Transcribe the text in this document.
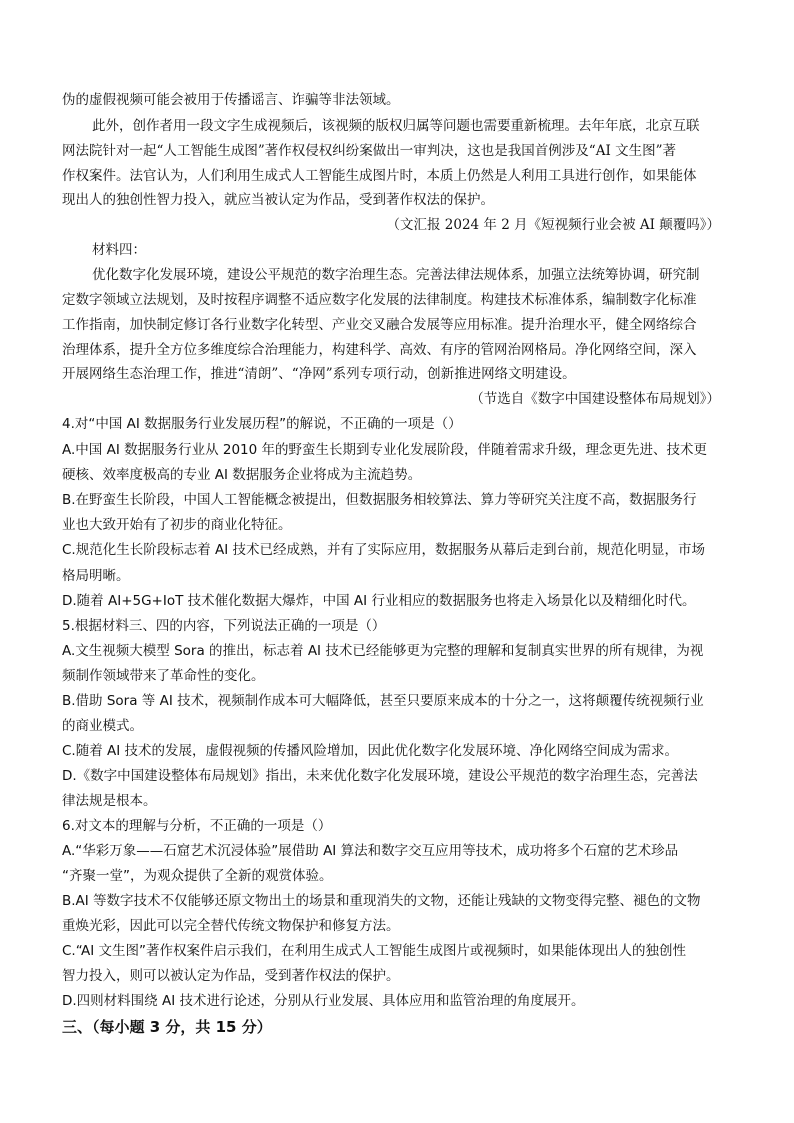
伪的虚假视频可能会被用于传播谣言、诈骗等非法领域。
此外，创作者用一段文字生成视频后，该视频的版权归属等问题也需要重新梳理。去年年底，北京互联
网法院针对一起“人工智能生成图”著作权侵权纠纷案做出一审判决，这也是我国首例涉及“AI 文生图”著
作权案件。法官认为，人们利用生成式人工智能生成图片时，本质上仍然是人利用工具进行创作，如果能体
现出人的独创性智力投入，就应当被认定为作品，受到著作权法的保护。
（文汇报 2024 年 2 月《短视频行业会被 AI 颠覆吗》）
材料四：
优化数字化发展环境，建设公平规范的数字治理生态。完善法律法规体系，加强立法统筹协调，研究制
定数字领域立法规划，及时按程序调整不适应数字化发展的法律制度。构建技术标准体系，编制数字化标准
工作指南，加快制定修订各行业数字化转型、产业交叉融合发展等应用标准。提升治理水平，健全网络综合
治理体系，提升全方位多维度综合治理能力，构建科学、高效、有序的管网治网格局。净化网络空间，深入
开展网络生态治理工作，推进“清朗”、“净网”系列专项行动，创新推进网络文明建设。
（节选自《数字中国建设整体布局规划》）
4.对“中国 AI 数据服务行业发展历程”的解说，不正确的一项是（）
A.中国 AI 数据服务行业从 2010 年的野蛮生长期到专业化发展阶段，伴随着需求升级，理念更先进、技术更
硬核、效率度极高的专业 AI 数据服务企业将成为主流趋势。
B.在野蛮生长阶段，中国人工智能概念被提出，但数据服务相较算法、算力等研究关注度不高，数据服务行
业也大致开始有了初步的商业化特征。
C.规范化生长阶段标志着 AI 技术已经成熟，并有了实际应用，数据服务从幕后走到台前，规范化明显，市场
格局明晰。
D.随着 AI+5G+IoT 技术催化数据大爆炸，中国 AI 行业相应的数据服务也将走入场景化以及精细化时代。
5.根据材料三、四的内容，下列说法正确的一项是（）
A.文生视频大模型 Sora 的推出，标志着 AI 技术已经能够更为完整的理解和复制真实世界的所有规律，为视
频制作领域带来了革命性的变化。
B.借助 Sora 等 AI 技术，视频制作成本可大幅降低，甚至只要原来成本的十分之一，这将颠覆传统视频行业
的商业模式。
C.随着 AI 技术的发展，虚假视频的传播风险增加，因此优化数字化发展环境、净化网络空间成为需求。
D.《数字中国建设整体布局规划》指出，未来优化数字化发展环境，建设公平规范的数字治理生态，完善法
律法规是根本。
6.对文本的理解与分析，不正确的一项是（）
A.“华彩万象——石窟艺术沉浸体验”展借助 AI 算法和数字交互应用等技术，成功将多个石窟的艺术珍品
“齐聚一堂”，为观众提供了全新的观赏体验。
B.AI 等数字技术不仅能够还原文物出土的场景和重现消失的文物，还能让残缺的文物变得完整、褪色的文物
重焕光彩，因此可以完全替代传统文物保护和修复方法。
C.“AI 文生图”著作权案件启示我们，在利用生成式人工智能生成图片或视频时，如果能体现出人的独创性
智力投入，则可以被认定为作品，受到著作权法的保护。
D.四则材料围绕 AI 技术进行论述，分别从行业发展、具体应用和监管治理的角度展开。
三、（每小题 3 分，共 15 分）
